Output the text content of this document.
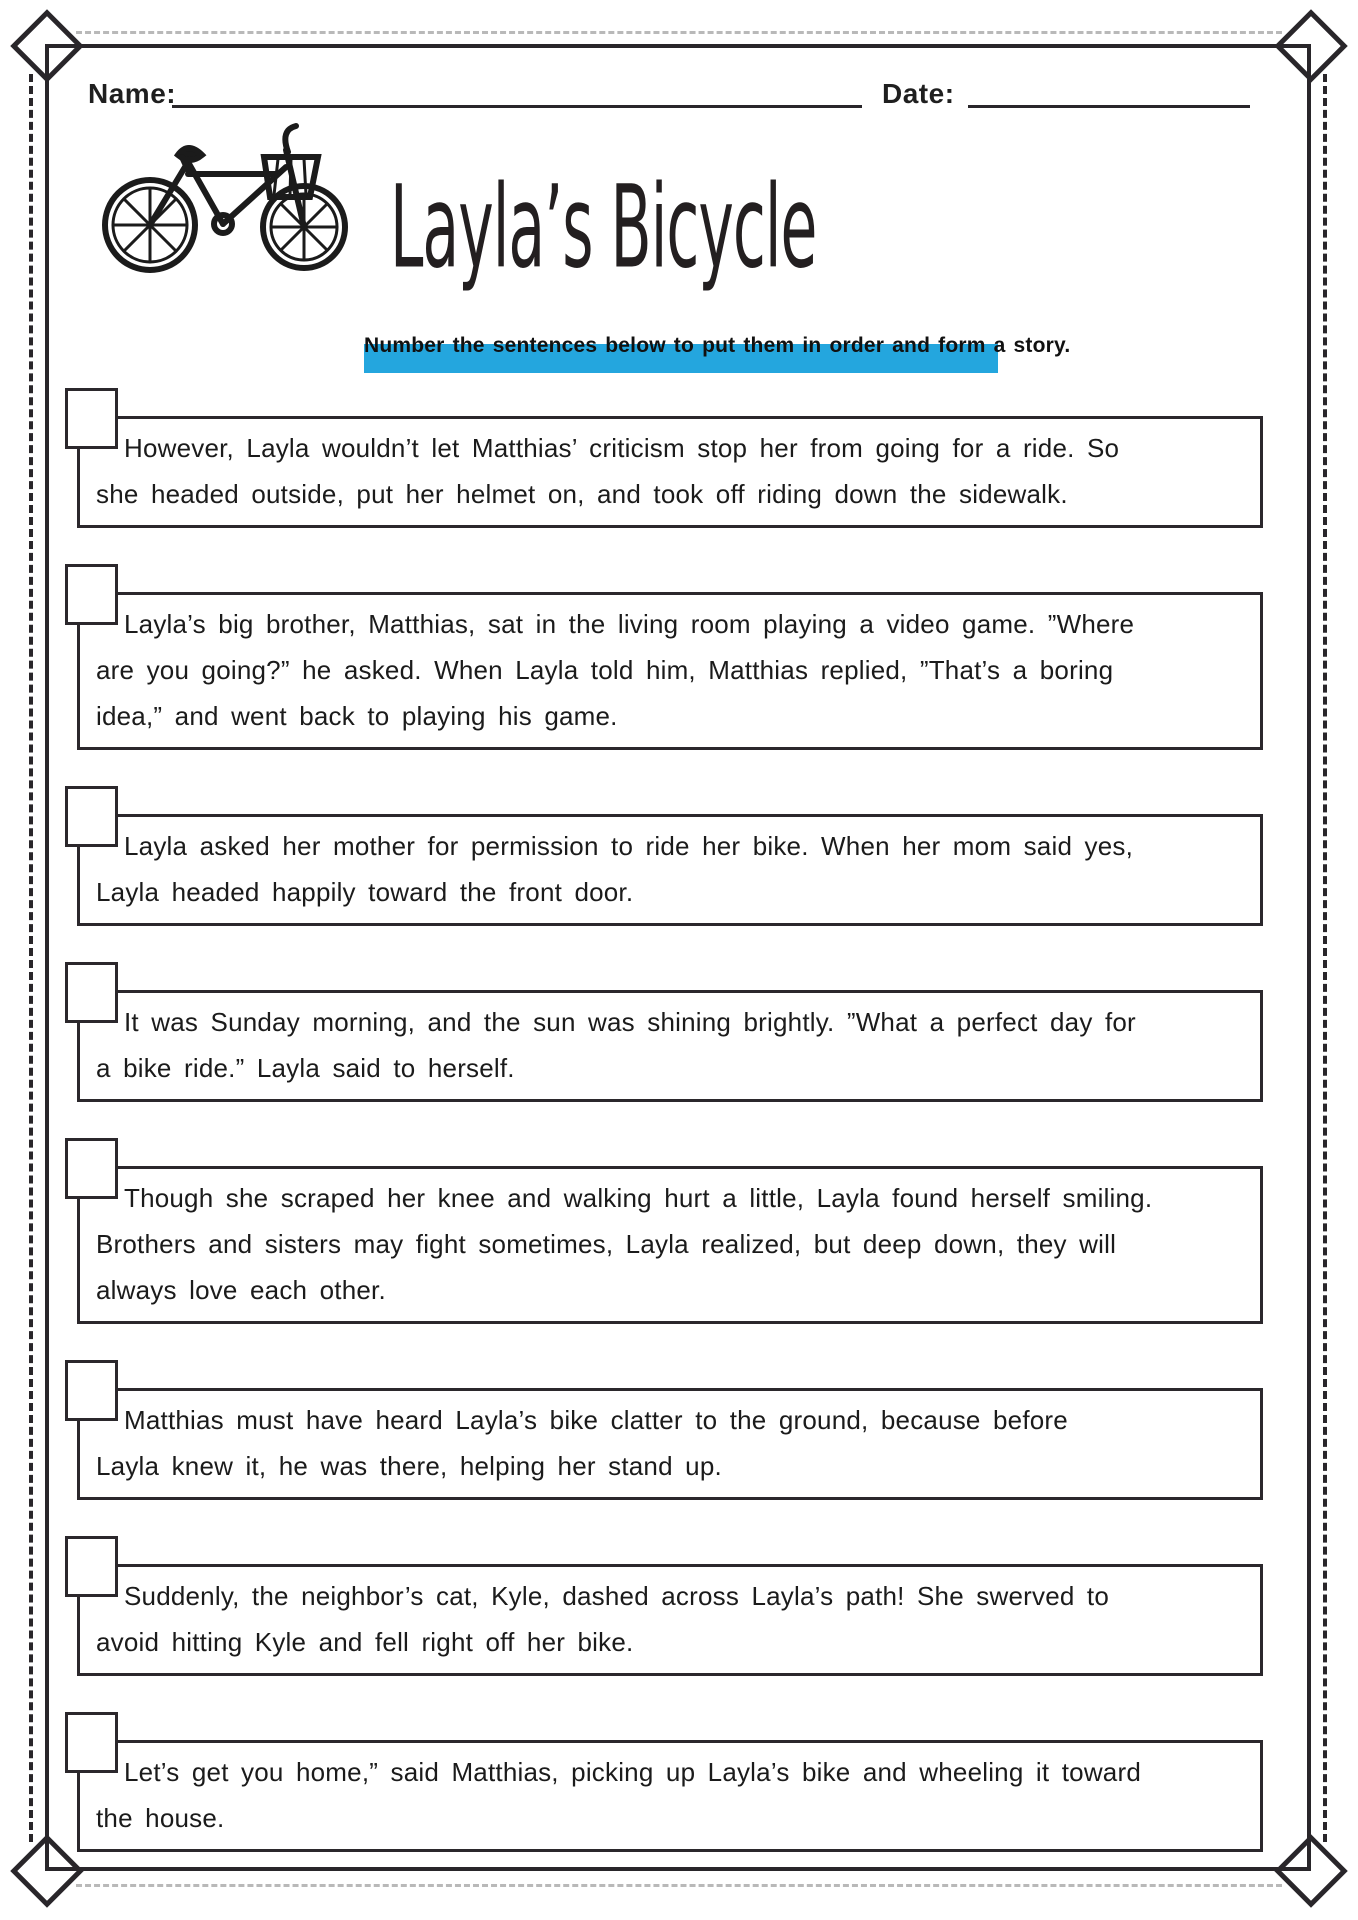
Name:	Date:
Layla’s Bicycle
Number the sentences below to put them in order and form a story.
However, Layla wouldn’t let Matthias’ criticism stop her from going for a ride. So
she headed outside, put her helmet on, and took off riding down the sidewalk.
Layla’s big brother, Matthias, sat in the living room playing a video game. ”Where
are you going?” he asked. When Layla told him, Matthias replied, ”That’s a boring
idea,” and went back to playing his game.
Layla asked her mother for permission to ride her bike. When her mom said yes,
Layla headed happily toward the front door.
It was Sunday morning, and the sun was shining brightly. ”What a perfect day for
a bike ride.” Layla said to herself.
Though she scraped her knee and walking hurt a little, Layla found herself smiling.
Brothers and sisters may fight sometimes, Layla realized, but deep down, they will
always love each other.
Matthias must have heard Layla’s bike clatter to the ground, because before
Layla knew it, he was there, helping her stand up.
Suddenly, the neighbor’s cat, Kyle, dashed across Layla’s path! She swerved to
avoid hitting Kyle and fell right off her bike.
Let’s get you home,” said Matthias, picking up Layla’s bike and wheeling it toward
the house.
